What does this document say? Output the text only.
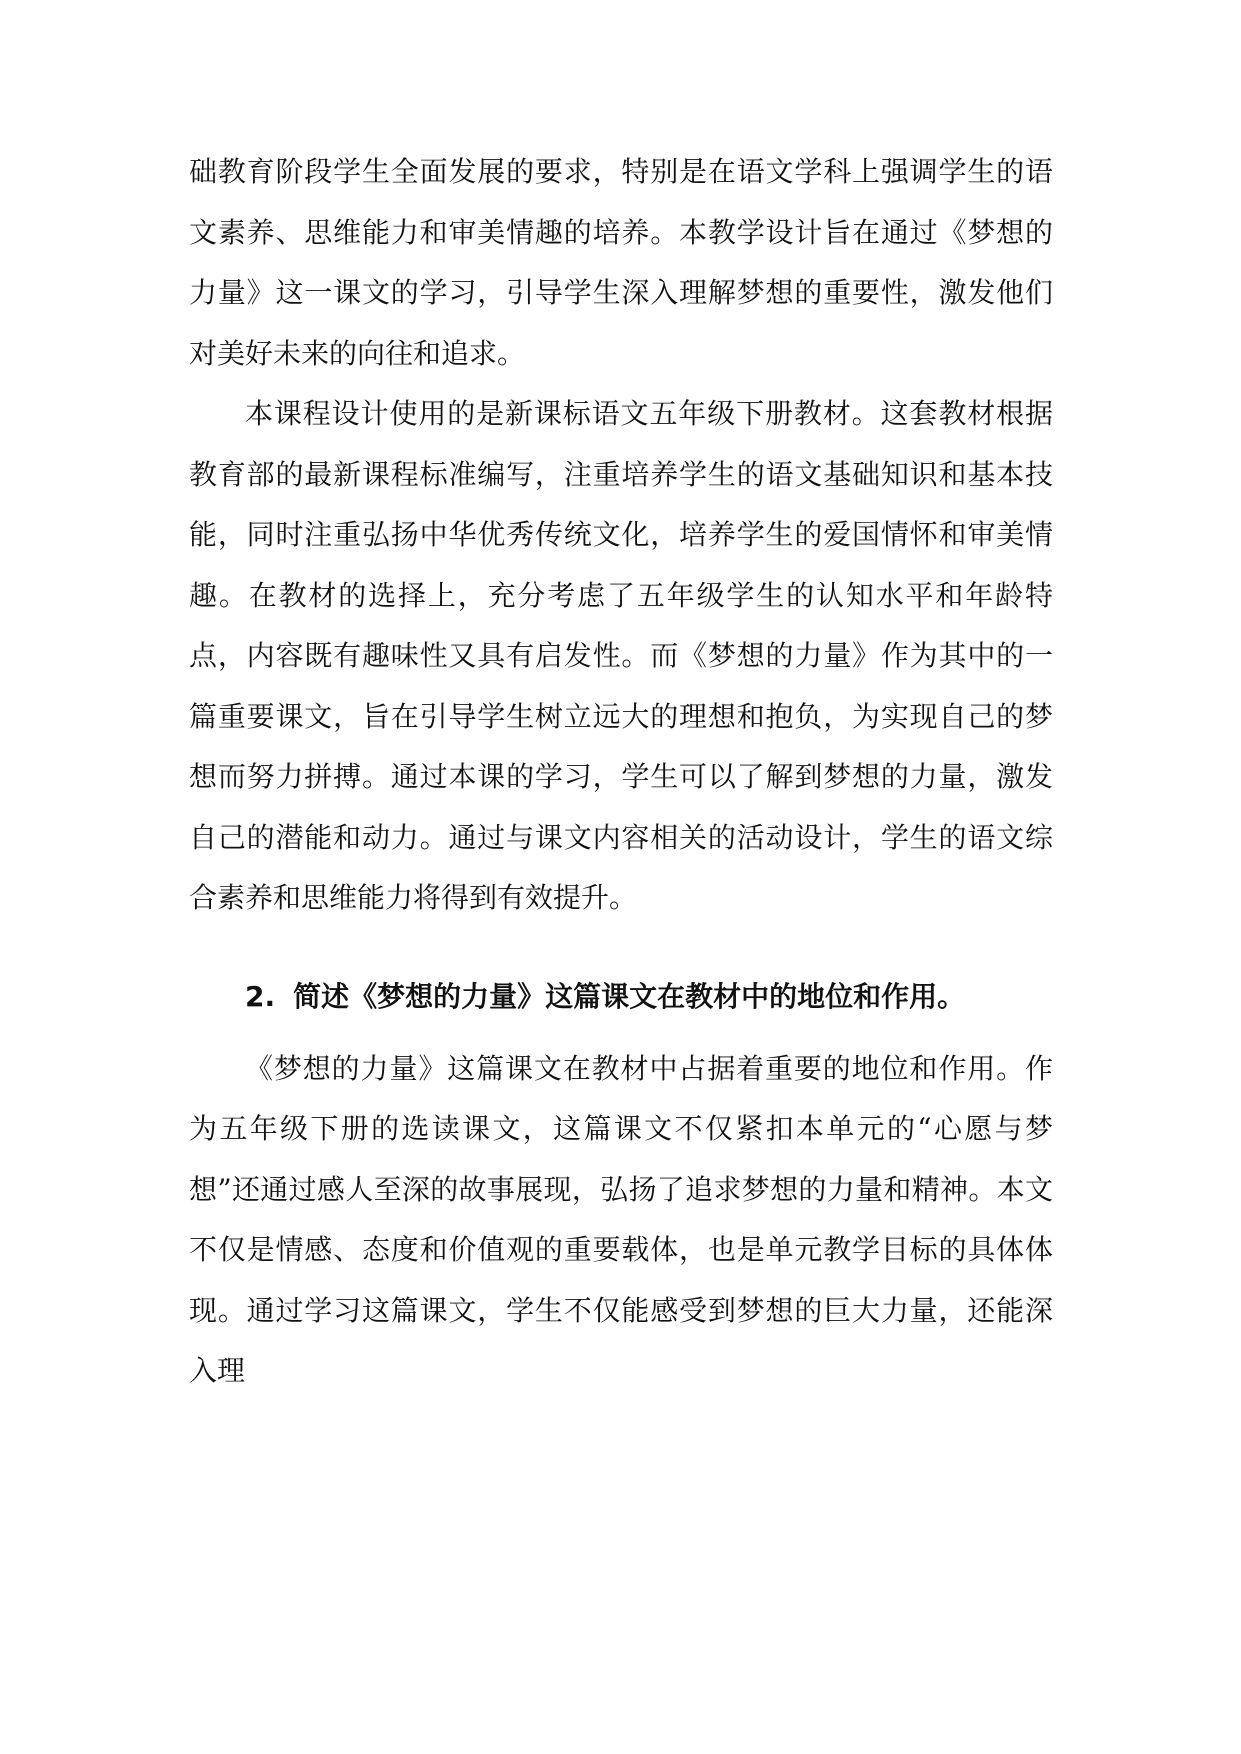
础教育阶段学生全面发展的要求，特别是在语文学科上强调学生的语文素养、思维能力和审美情趣的培养。本教学设计旨在通过《梦想的力量》这一课文的学习，引导学生深入理解梦想的重要性，激发他们对美好未来的向往和追求。

本课程设计使用的是新课标语文五年级下册教材。这套教材根据教育部的最新课程标准编写，注重培养学生的语文基础知识和基本技能，同时注重弘扬中华优秀传统文化，培养学生的爱国情怀和审美情趣。在教材的选择上，充分考虑了五年级学生的认知水平和年龄特点，内容既有趣味性又具有启发性。而《梦想的力量》作为其中的一篇重要课文，旨在引导学生树立远大的理想和抱负，为实现自己的梦想而努力拼搏。通过本课的学习，学生可以了解到梦想的力量，激发自己的潜能和动力。通过与课文内容相关的活动设计，学生的语文综合素养和思维能力将得到有效提升。

2. 简述《梦想的力量》这篇课文在教材中的地位和作用。

《梦想的力量》这篇课文在教材中占据着重要的地位和作用。作为五年级下册的选读课文，这篇课文不仅紧扣本单元的“心愿与梦想”还通过感人至深的故事展现，弘扬了追求梦想的力量和精神。本文不仅是情感、态度和价值观的重要载体，也是单元教学目标的具体体现。通过学习这篇课文，学生不仅能感受到梦想的巨大力量，还能深入理
